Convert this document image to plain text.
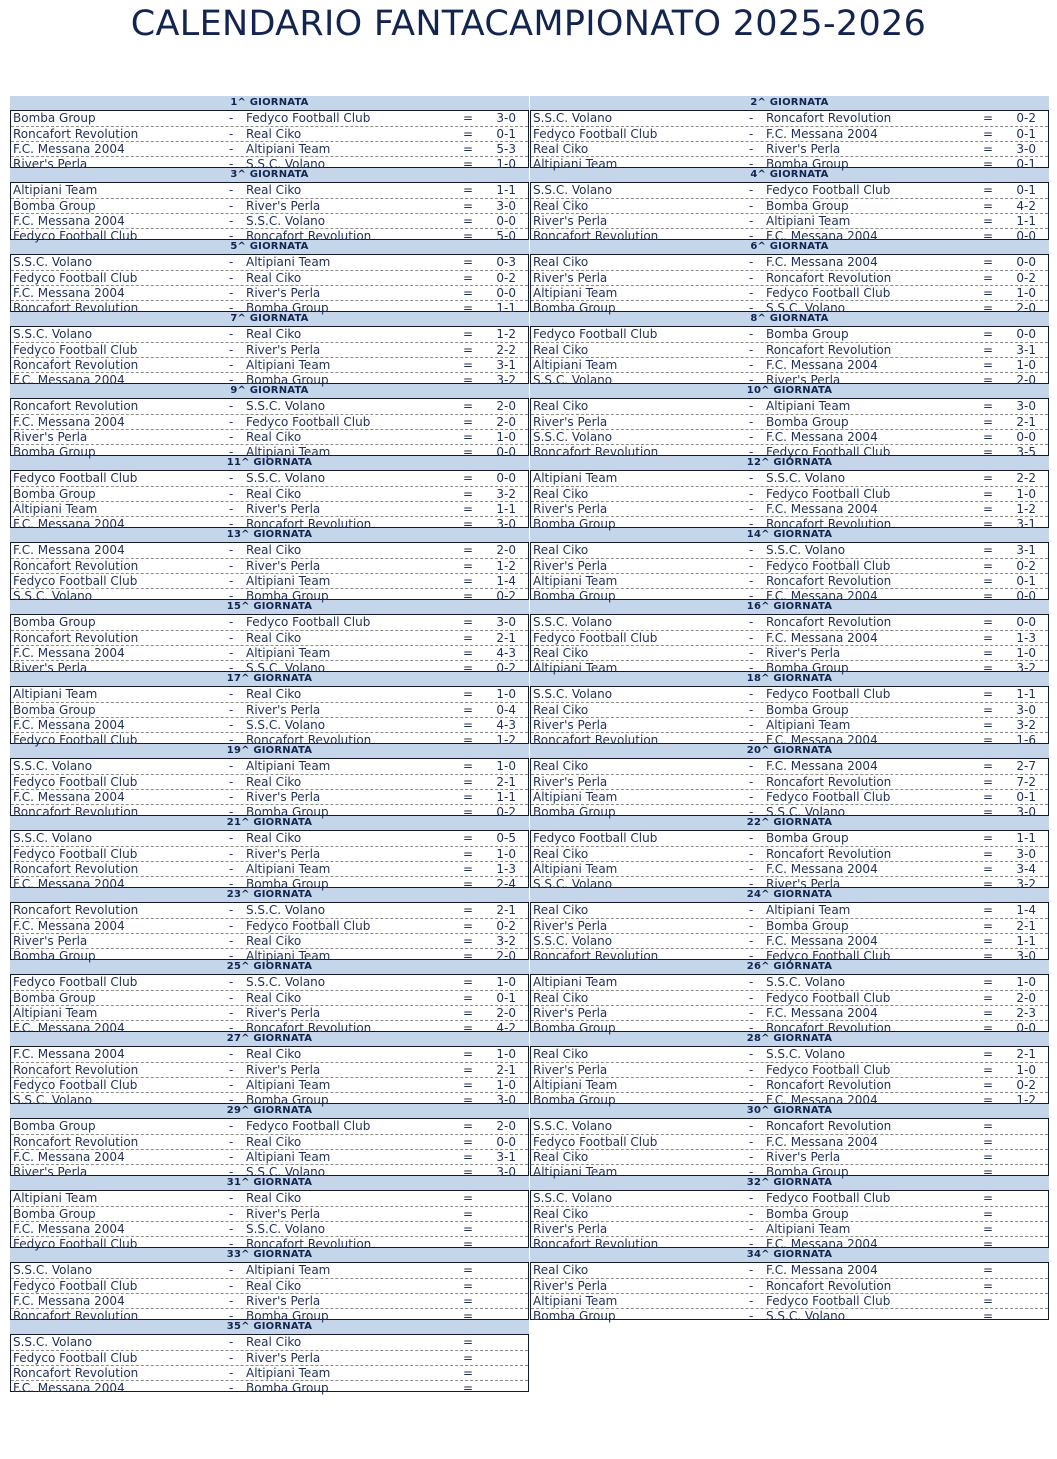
CALENDARIO FANTACAMPIONATO 2025-2026
1^ GIORNATA
Bomba Group	- Fedyco Football Club	= 3-0
Roncafort Revolution	- Real Ciko	= 0-1
F.C. Messana 2004	- Altipiani Team	= 5-3
River's Perla	- S.S.C. Volano	= 1-0
2^ GIORNATA
S.S.C. Volano	- Roncafort Revolution	= 0-2
Fedyco Football Club	- F.C. Messana 2004	= 0-1
Real Ciko	- River's Perla	= 3-0
Altipiani Team	- Bomba Group	= 0-1
3^ GIORNATA
Altipiani Team	- Real Ciko	= 1-1
Bomba Group	- River's Perla	= 3-0
F.C. Messana 2004	- S.S.C. Volano	= 0-0
Fedyco Football Club	- Roncafort Revolution	= 5-0
4^ GIORNATA
S.S.C. Volano	- Fedyco Football Club	= 0-1
Real Ciko	- Bomba Group	= 4-2
River's Perla	- Altipiani Team	= 1-1
Roncafort Revolution	- F.C. Messana 2004	= 0-0
5^ GIORNATA
S.S.C. Volano	- Altipiani Team	= 0-3
Fedyco Football Club	- Real Ciko	= 0-2
F.C. Messana 2004	- River's Perla	= 0-0
Roncafort Revolution	- Bomba Group	= 1-1
6^ GIORNATA
Real Ciko	- F.C. Messana 2004	= 0-0
River's Perla	- Roncafort Revolution	= 0-2
Altipiani Team	- Fedyco Football Club	= 1-0
Bomba Group	- S.S.C. Volano	= 2-0
7^ GIORNATA
S.S.C. Volano	- Real Ciko	= 1-2
Fedyco Football Club	- River's Perla	= 2-2
Roncafort Revolution	- Altipiani Team	= 3-1
F.C. Messana 2004	- Bomba Group	= 3-2
8^ GIORNATA
Fedyco Football Club	- Bomba Group	= 0-0
Real Ciko	- Roncafort Revolution	= 3-1
Altipiani Team	- F.C. Messana 2004	= 1-0
S.S.C. Volano	- River's Perla	= 2-0
9^ GIORNATA
Roncafort Revolution	- S.S.C. Volano	= 2-0
F.C. Messana 2004	- Fedyco Football Club	= 2-0
River's Perla	- Real Ciko	= 1-0
Bomba Group	- Altipiani Team	= 0-0
10^ GIORNATA
Real Ciko	- Altipiani Team	= 3-0
River's Perla	- Bomba Group	= 2-1
S.S.C. Volano	- F.C. Messana 2004	= 0-0
Roncafort Revolution	- Fedyco Football Club	= 3-5
11^ GIORNATA
Fedyco Football Club	- S.S.C. Volano	= 0-0
Bomba Group	- Real Ciko	= 3-2
Altipiani Team	- River's Perla	= 1-1
F.C. Messana 2004	- Roncafort Revolution	= 3-0
12^ GIORNATA
Altipiani Team	- S.S.C. Volano	= 2-2
Real Ciko	- Fedyco Football Club	= 1-0
River's Perla	- F.C. Messana 2004	= 1-2
Bomba Group	- Roncafort Revolution	= 3-1
13^ GIORNATA
F.C. Messana 2004	- Real Ciko	= 2-0
Roncafort Revolution	- River's Perla	= 1-2
Fedyco Football Club	- Altipiani Team	= 1-4
S.S.C. Volano	- Bomba Group	= 0-2
14^ GIORNATA
Real Ciko	- S.S.C. Volano	= 3-1
River's Perla	- Fedyco Football Club	= 0-2
Altipiani Team	- Roncafort Revolution	= 0-1
Bomba Group	- F.C. Messana 2004	= 0-0
15^ GIORNATA
Bomba Group	- Fedyco Football Club	= 3-0
Roncafort Revolution	- Real Ciko	= 2-1
F.C. Messana 2004	- Altipiani Team	= 4-3
River's Perla	- S.S.C. Volano	= 0-2
16^ GIORNATA
S.S.C. Volano	- Roncafort Revolution	= 0-0
Fedyco Football Club	- F.C. Messana 2004	= 1-3
Real Ciko	- River's Perla	= 1-0
Altipiani Team	- Bomba Group	= 3-2
17^ GIORNATA
Altipiani Team	- Real Ciko	= 1-0
Bomba Group	- River's Perla	= 0-4
F.C. Messana 2004	- S.S.C. Volano	= 4-3
Fedyco Football Club	- Roncafort Revolution	= 1-2
18^ GIORNATA
S.S.C. Volano	- Fedyco Football Club	= 1-1
Real Ciko	- Bomba Group	= 3-0
River's Perla	- Altipiani Team	= 3-2
Roncafort Revolution	- F.C. Messana 2004	= 1-6
19^ GIORNATA
S.S.C. Volano	- Altipiani Team	= 1-0
Fedyco Football Club	- Real Ciko	= 2-1
F.C. Messana 2004	- River's Perla	= 1-1
Roncafort Revolution	- Bomba Group	= 0-2
20^ GIORNATA
Real Ciko	- F.C. Messana 2004	= 2-7
River's Perla	- Roncafort Revolution	= 7-2
Altipiani Team	- Fedyco Football Club	= 0-1
Bomba Group	- S.S.C. Volano	= 3-0
21^ GIORNATA
S.S.C. Volano	- Real Ciko	= 0-5
Fedyco Football Club	- River's Perla	= 1-0
Roncafort Revolution	- Altipiani Team	= 1-3
F.C. Messana 2004	- Bomba Group	= 2-4
22^ GIORNATA
Fedyco Football Club	- Bomba Group	= 1-1
Real Ciko	- Roncafort Revolution	= 3-0
Altipiani Team	- F.C. Messana 2004	= 3-4
S.S.C. Volano	- River's Perla	= 3-2
23^ GIORNATA
Roncafort Revolution	- S.S.C. Volano	= 2-1
F.C. Messana 2004	- Fedyco Football Club	= 0-2
River's Perla	- Real Ciko	= 3-2
Bomba Group	- Altipiani Team	= 2-0
24^ GIORNATA
Real Ciko	- Altipiani Team	= 1-4
River's Perla	- Bomba Group	= 2-1
S.S.C. Volano	- F.C. Messana 2004	= 1-1
Roncafort Revolution	- Fedyco Football Club	= 3-0
25^ GIORNATA
Fedyco Football Club	- S.S.C. Volano	= 1-0
Bomba Group	- Real Ciko	= 0-1
Altipiani Team	- River's Perla	= 2-0
F.C. Messana 2004	- Roncafort Revolution	= 4-2
26^ GIORNATA
Altipiani Team	- S.S.C. Volano	= 1-0
Real Ciko	- Fedyco Football Club	= 2-0
River's Perla	- F.C. Messana 2004	= 2-3
Bomba Group	- Roncafort Revolution	= 0-0
27^ GIORNATA
F.C. Messana 2004	- Real Ciko	= 1-0
Roncafort Revolution	- River's Perla	= 2-1
Fedyco Football Club	- Altipiani Team	= 1-0
S.S.C. Volano	- Bomba Group	= 3-0
28^ GIORNATA
Real Ciko	- S.S.C. Volano	= 2-1
River's Perla	- Fedyco Football Club	= 1-0
Altipiani Team	- Roncafort Revolution	= 0-2
Bomba Group	- F.C. Messana 2004	= 1-2
29^ GIORNATA
Bomba Group	- Fedyco Football Club	= 2-0
Roncafort Revolution	- Real Ciko	= 0-0
F.C. Messana 2004	- Altipiani Team	= 3-1
River's Perla	- S.S.C. Volano	= 3-0
30^ GIORNATA
S.S.C. Volano	- Roncafort Revolution	=
Fedyco Football Club	- F.C. Messana 2004	=
Real Ciko	- River's Perla	=
Altipiani Team	- Bomba Group	=
31^ GIORNATA
Altipiani Team	- Real Ciko	=
Bomba Group	- River's Perla	=
F.C. Messana 2004	- S.S.C. Volano	=
Fedyco Football Club	- Roncafort Revolution	=
32^ GIORNATA
S.S.C. Volano	- Fedyco Football Club	=
Real Ciko	- Bomba Group	=
River's Perla	- Altipiani Team	=
Roncafort Revolution	- F.C. Messana 2004	=
33^ GIORNATA
S.S.C. Volano	- Altipiani Team	=
Fedyco Football Club	- Real Ciko	=
F.C. Messana 2004	- River's Perla	=
Roncafort Revolution	- Bomba Group	=
34^ GIORNATA
Real Ciko	- F.C. Messana 2004	=
River's Perla	- Roncafort Revolution	=
Altipiani Team	- Fedyco Football Club	=
Bomba Group	- S.S.C. Volano	=
35^ GIORNATA
S.S.C. Volano	- Real Ciko	=
Fedyco Football Club	- River's Perla	=
Roncafort Revolution	- Altipiani Team	=
F.C. Messana 2004	- Bomba Group	=
